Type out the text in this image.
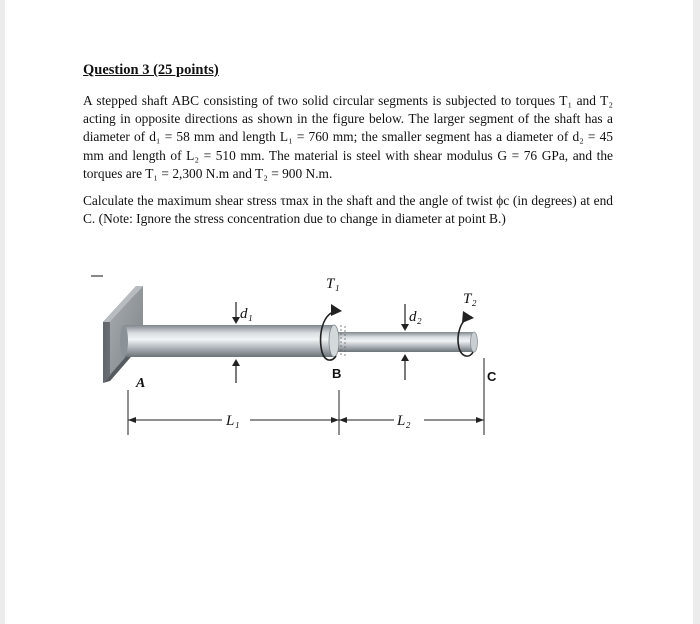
Question 3 (25 points)
A stepped shaft ABC consisting of two solid circular segments is subjected to torques T₁ and T₂ acting in opposite directions as shown in the figure below. The larger segment of the shaft has a diameter of d₁ = 58 mm and length L₁ = 760 mm; the smaller segment has a diameter of d₂ = 45 mm and length of L₂ = 510 mm. The material is steel with shear modulus G = 76 GPa, and the torques are T₁ = 2,300 N.m and T₂ = 900 N.m.
Calculate the maximum shear stress τmax in the shaft and the angle of twist ϕc (in degrees) at end C. (Note: Ignore the stress concentration due to change in diameter at point B.)
T₁
T₂
d₁	d₂
A
B	C
L₁	L₂
